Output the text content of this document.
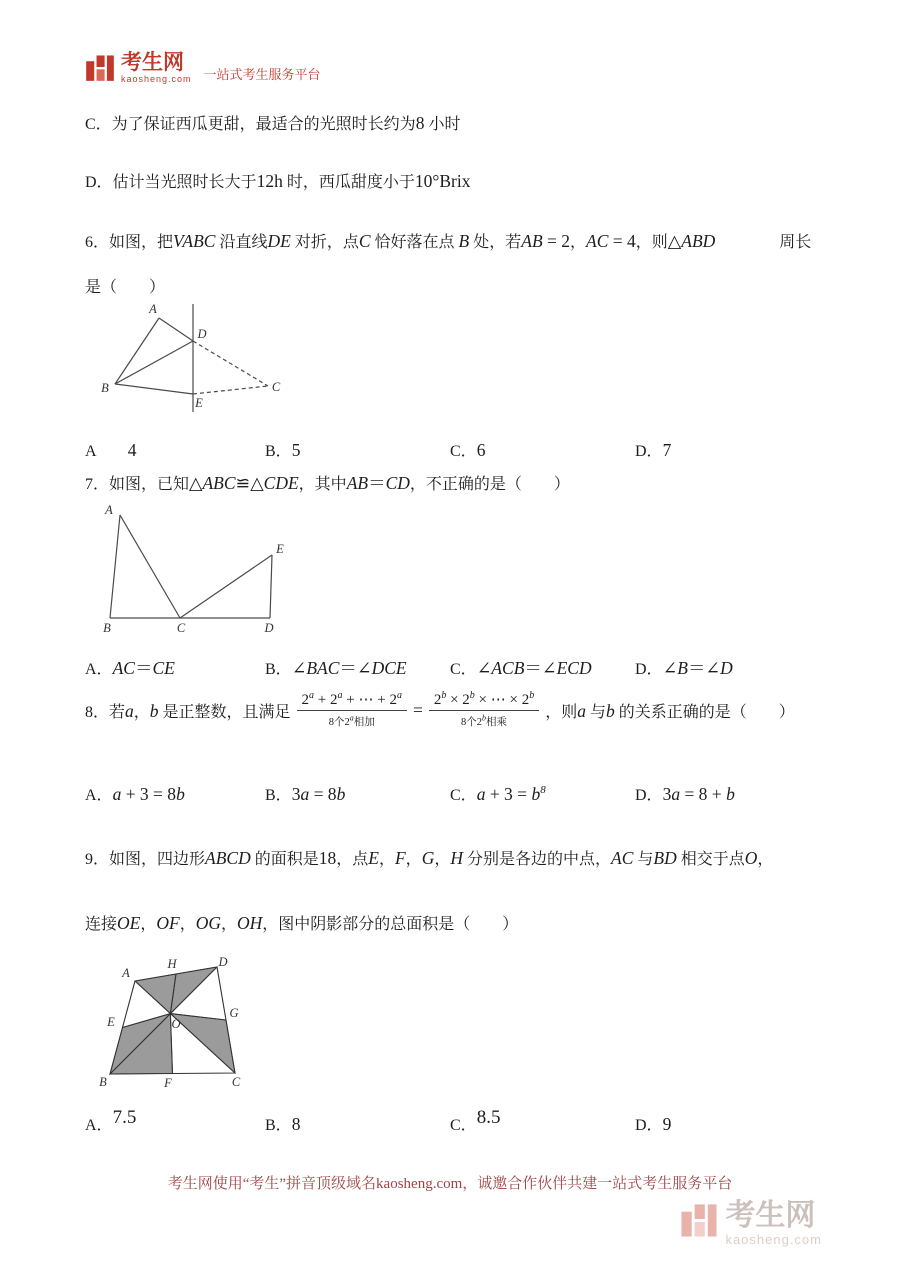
考生网
kaosheng.com 一站式考生服务平台

C．为了保证西瓜更甜，最适合的光照时长约为8 小时

D．估计当光照时长大于12h 时，西瓜甜度小于10°Brix

6．如图，把VABC 沿直线DE 对折，点C 恰好落在点 B 处，若AB = 2，AC = 4，则△ABD　　　　周长

是（　　）

A
D
B
E
C
A　　4	B．5	C．6	D．7

7．如图，已知△ABC≌△CDE，其中AB＝CD，不正确的是（　　）

A
B	C	D
E
A．AC＝CE	B．∠BAC＝∠DCE	C．∠ACB＝∠ECD	D．∠B＝∠D
8．若a，b 是正整数，且满足 $\frac{2^a + 2^a + \cdots + 2^a}{8个2^a相加} = \frac{2^b \times 2^b \times \cdots \times 2^b}{8个2^b相乘}$ ，则a 与b 的关系正确的是（　　）
A．a + 3 = 8b	B．3a = 8b	C．$a + 3 = b^8$	D．3a = 8 + b

9．如图，四边形ABCD 的面积是18，点E，F，G，H 分别是各边的中点，AC 与BD 相交于点O，

连接OE，OF，OG，OH，图中阴影部分的总面积是（　　）

A
H	D
E
G
O
B	F	C
A．7.5	B．8	C．8.5	D．9
考生网使用“考生”拼音顶级域名kaosheng.com，诚邀合作伙伴共建一站式考生服务平台
考生网
kaosheng.com
